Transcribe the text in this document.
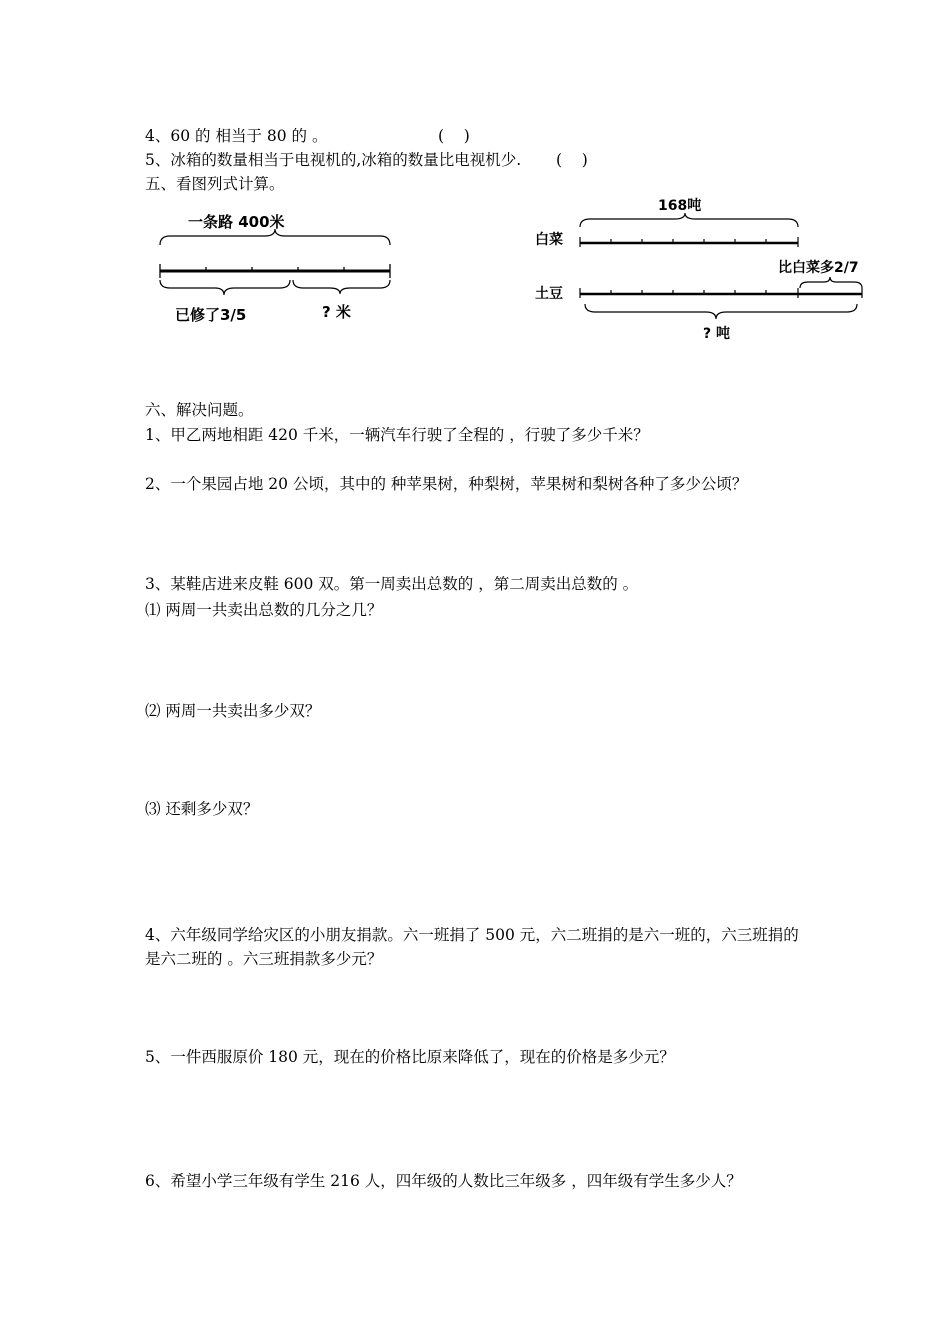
4、60 的 相当于 80 的 。	(    )
5、冰箱的数量相当于电视机的,冰箱的数量比电视机少. (    )
五、看图列式计算。
一条路 400米
已修了3/5	? 米
168吨
白菜
比白菜多2/7
土豆
? 吨
六、解决问题。
1、甲乙两地相距 420 千米，一辆汽车行驶了全程的 ，行驶了多少千米？
2、一个果园占地 20 公顷，其中的 种苹果树，种梨树，苹果树和梨树各种了多少公顷？
3、某鞋店进来皮鞋 600 双。第一周卖出总数的 ，第二周卖出总数的 。
⑴ 两周一共卖出总数的几分之几？
⑵ 两周一共卖出多少双？
⑶ 还剩多少双？
4、六年级同学给灾区的小朋友捐款。六一班捐了 500 元，六二班捐的是六一班的，六三班捐的是六二班的 。六三班捐款多少元？
5、一件西服原价 180 元，现在的价格比原来降低了，现在的价格是多少元？
6、希望小学三年级有学生 216 人，四年级的人数比三年级多 ，四年级有学生多少人？
